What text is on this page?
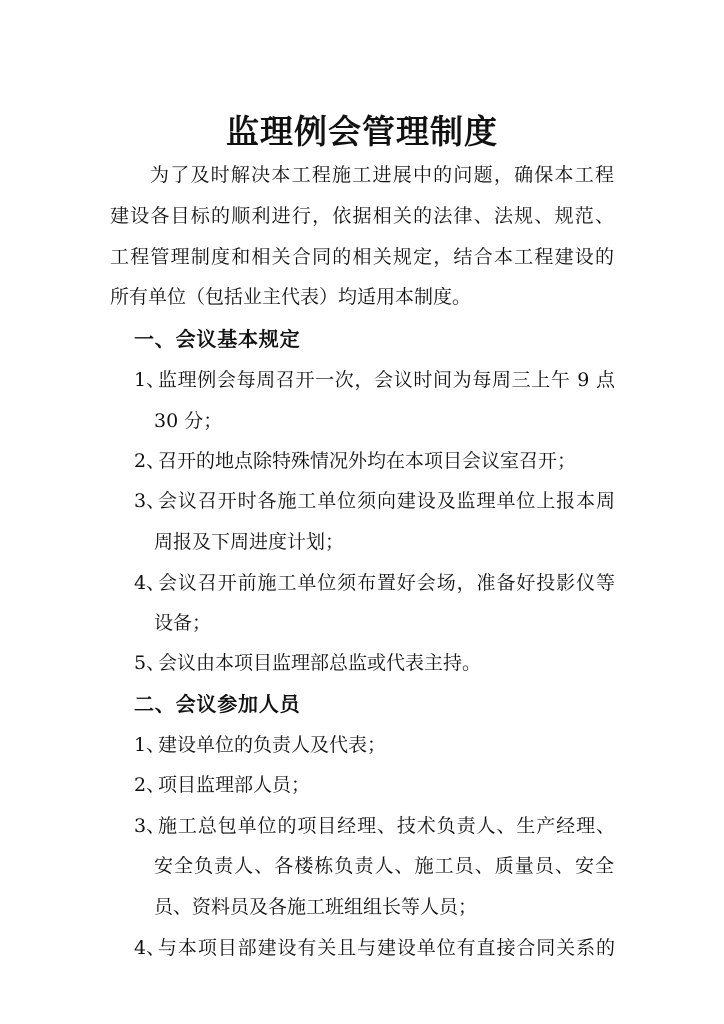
监理例会管理制度
为了及时解决本工程施工进展中的问题，确保本工程
建设各目标的顺利进行，依据相关的法律、法规、规范、
工程管理制度和相关合同的相关规定，结合本工程建设的
所有单位（包括业主代表）均适用本制度。
一、会议基本规定
1、
监理例会每周召开一次，会议时间为每周三上午 9 点
30 分；
2、
召开的地点除特殊情况外均在本项目会议室召开；
3、
会议召开时各施工单位须向建设及监理单位上报本周
周报及下周进度计划；
4、
会议召开前施工单位须布置好会场，准备好投影仪等
设备；
5、
会议由本项目监理部总监或代表主持。
二、会议参加人员
1、
建设单位的负责人及代表；
2、
项目监理部人员；
3、
施工总包单位的项目经理、技术负责人、生产经理、
安全负责人、各楼栋负责人、施工员、质量员、安全
员、资料员及各施工班组组长等人员；
4、
与本项目部建设有关且与建设单位有直接合同关系的
